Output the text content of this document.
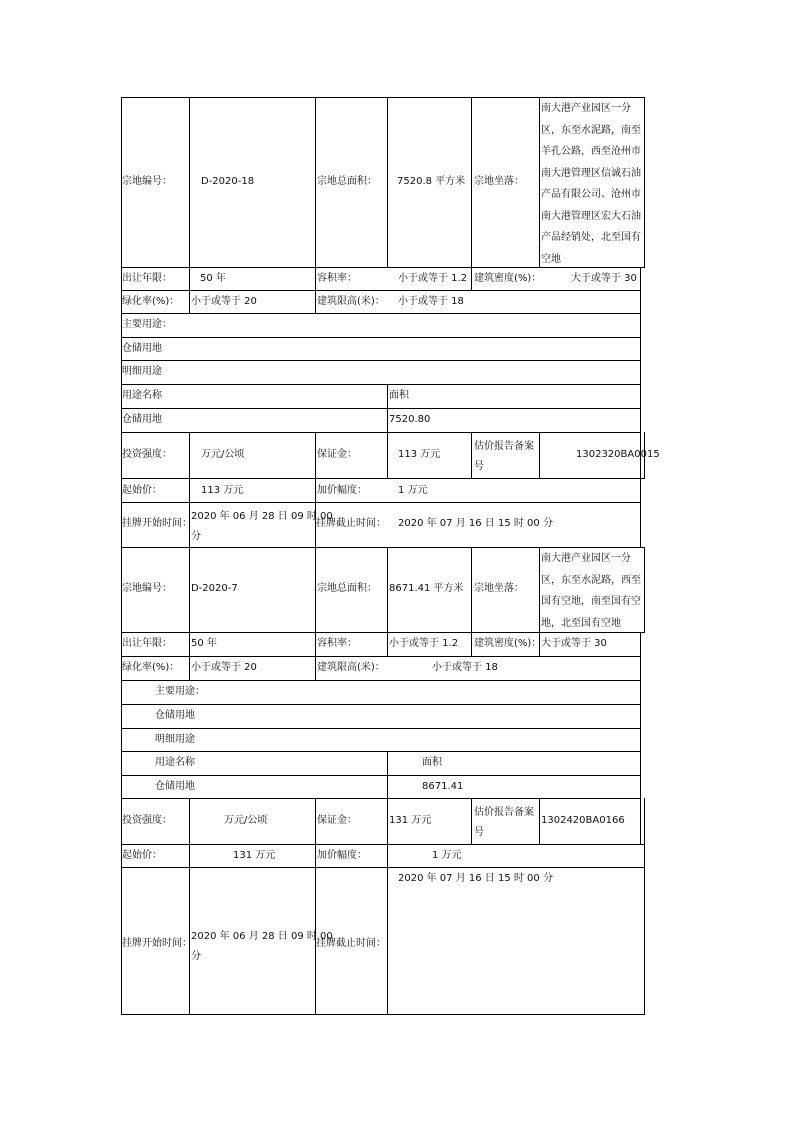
宗地编号：	D-2020-18	宗地总面积： 7520.8 平方米 宗地坐落：
南大港产业园区一分
区，东至水泥路，南至
羊孔公路，西至沧州市
南大港管理区信诚石油
产品有限公司、沧州市
南大港管理区宏大石油
产品经销处，北至国有
空地
出让年限：	50 年	容积率：	小于或等于 1.2 建筑密度(%)：	大于或等于 30
绿化率(%)： 小于或等于 20	建筑限高(米)： 小于或等于 18
主要用途：
仓储用地
明细用途
用途名称	面积
仓储用地	7520.80
投资强度：	万元/公顷	保证金：	113 万元
估价报告备案
号
1302320BA0015
起始价：	113 万元	加价幅度：	1 万元
挂牌开始时间：
2020 年 06 月 28 日 09 时 00
分
挂牌截止时间： 2020 年 07 月 16 日 15 时 00 分
宗地编号： D-2020-7	宗地总面积： 8671.41 平方米 宗地坐落：
南大港产业园区一分
区，东至水泥路，西至
国有空地，南至国有空
地，北至国有空地
出让年限： 50 年	容积率：	小于或等于 1.2 建筑密度(%)： 大于或等于 30
绿化率(%)： 小于或等于 20	建筑限高(米)：	小于或等于 18
主要用途：
仓储用地
明细用途
用途名称	面积
仓储用地	8671.41
投资强度：	万元/公顷	保证金：	131 万元
估价报告备案
号
1302420BA0166
起始价：	131 万元	加价幅度：	1 万元
挂牌开始时间：
2020 年 06 月 28 日 09 时 00
分
挂牌截止时间：
2020 年 07 月 16 日 15 时 00 分
